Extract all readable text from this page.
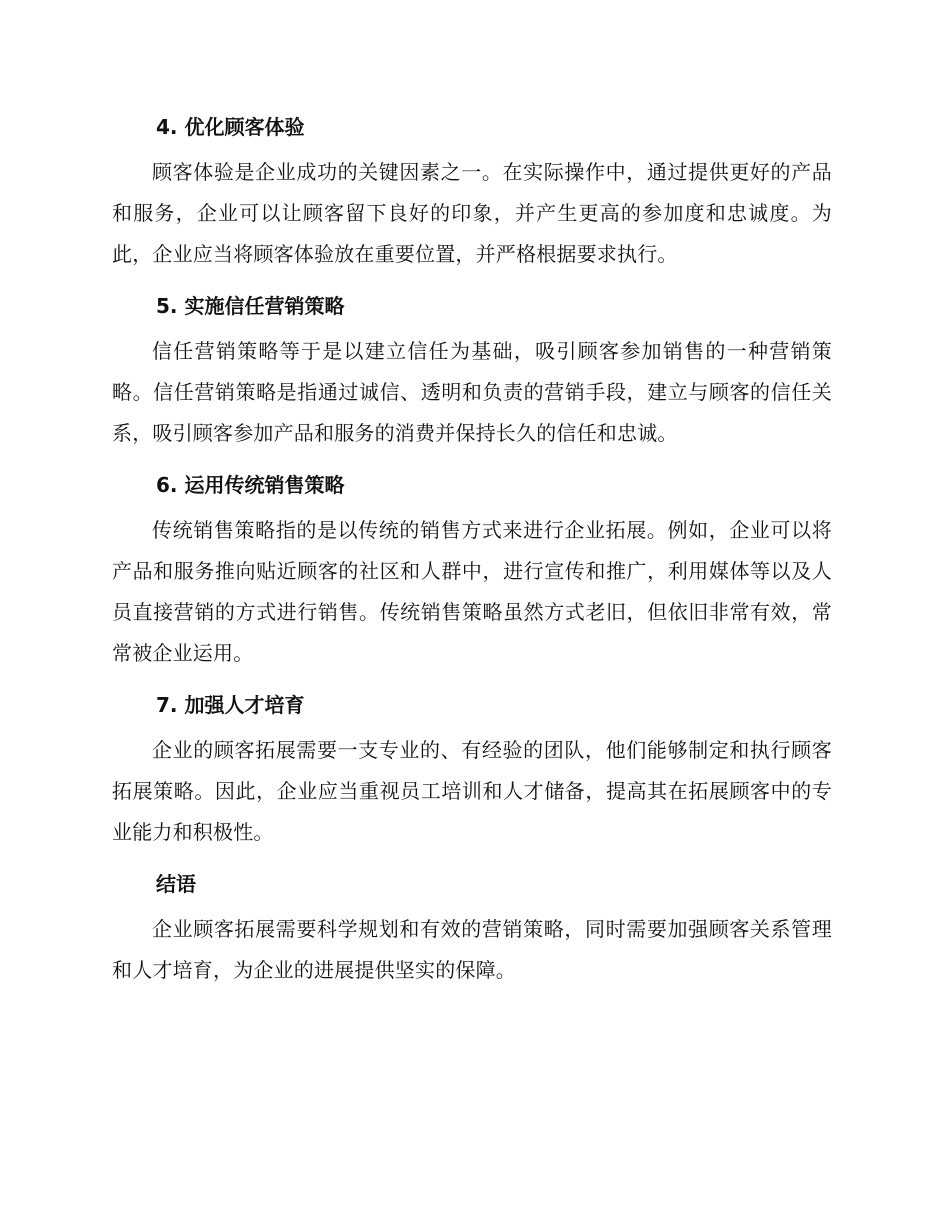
4. 优化顾客体验

顾客体验是企业成功的关键因素之一。在实际操作中，通过提供更好的产品和服务，企业可以让顾客留下良好的印象，并产生更高的参加度和忠诚度。为此，企业应当将顾客体验放在重要位置，并严格根据要求执行。

5. 实施信任营销策略

信任营销策略等于是以建立信任为基础，吸引顾客参加销售的一种营销策略。信任营销策略是指通过诚信、透明和负责的营销手段，建立与顾客的信任关系，吸引顾客参加产品和服务的消费并保持长久的信任和忠诚。

6. 运用传统销售策略

传统销售策略指的是以传统的销售方式来进行企业拓展。例如，企业可以将产品和服务推向贴近顾客的社区和人群中，进行宣传和推广，利用媒体等以及人员直接营销的方式进行销售。传统销售策略虽然方式老旧，但依旧非常有效，常常被企业运用。

7. 加强人才培育

企业的顾客拓展需要一支专业的、有经验的团队，他们能够制定和执行顾客拓展策略。因此，企业应当重视员工培训和人才储备，提高其在拓展顾客中的专业能力和积极性。

结语

企业顾客拓展需要科学规划和有效的营销策略，同时需要加强顾客关系管理和人才培育，为企业的进展提供坚实的保障。
